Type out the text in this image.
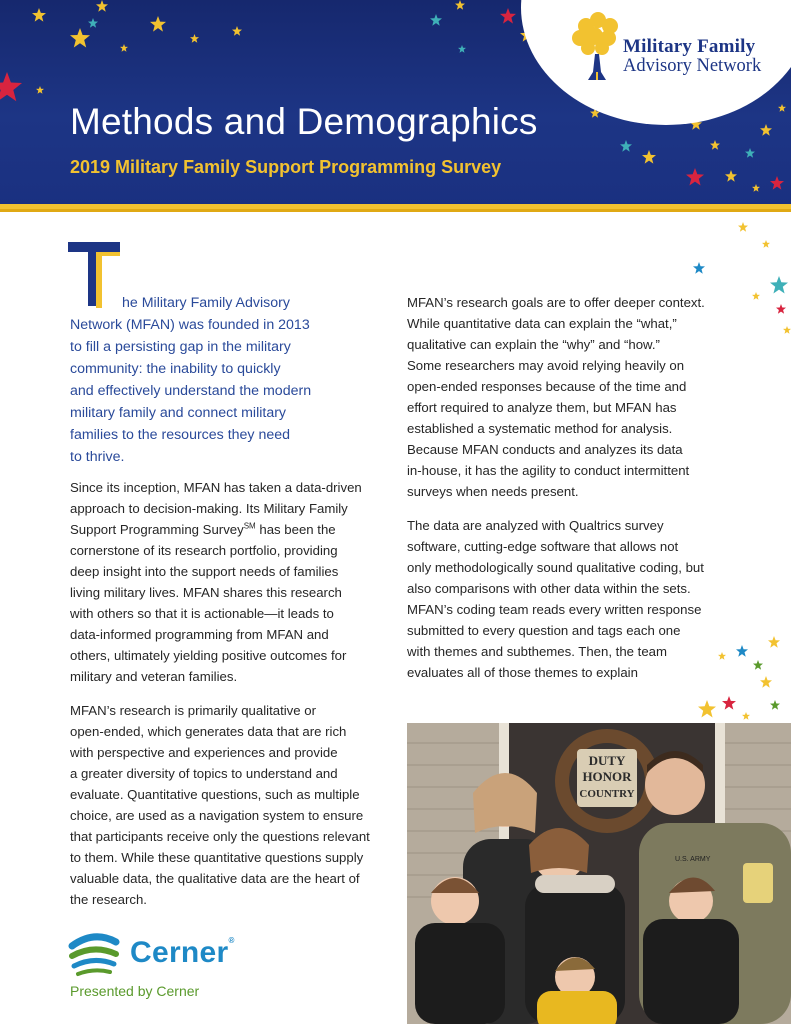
Military Family
Advisory Network
Methods and Demographics
2019 Military Family Support Programming Survey
he Military Family Advisory
Network (MFAN) was founded in 2013
to fill a persisting gap in the military
community: the inability to quickly
and effectively understand the modern
military family and connect military
families to the resources they need
to thrive.
Since its inception, MFAN has taken a data-driven
approach to decision-making. Its Military Family
Support Programming Survey℠ has been the
cornerstone of its research portfolio, providing
deep insight into the support needs of families
living military lives. MFAN shares this research
with others so that it is actionable—it leads to
data-informed programming from MFAN and
others, ultimately yielding positive outcomes for
military and veteran families.
MFAN’s research is primarily qualitative or
open-ended, which generates data that are rich
with perspective and experiences and provide
a greater diversity of topics to understand and
evaluate. Quantitative questions, such as multiple
choice, are used as a navigation system to ensure
that participants receive only the questions relevant
to them. While these quantitative questions supply
valuable data, the qualitative data are the heart of
the research.
MFAN’s research goals are to offer deeper context.
While quantitative data can explain the “what,”
qualitative can explain the “why” and “how.”
Some researchers may avoid relying heavily on
open-ended responses because of the time and
effort required to analyze them, but MFAN has
established a systematic method for analysis.
Because MFAN conducts and analyzes its data
in-house, it has the agility to conduct intermittent
surveys when needs present.
The data are analyzed with Qualtrics survey
software, cutting-edge software that allows not
only methodologically sound qualitative coding, but
also comparisons with other data within the sets.
MFAN’s coding team reads every written response
submitted to every question and tags each one
with themes and subthemes. Then, the team
evaluates all of those themes to explain
Cerner®
Presented by Cerner
DUTY
HONOR
COUNTRY
U.S. ARMY
